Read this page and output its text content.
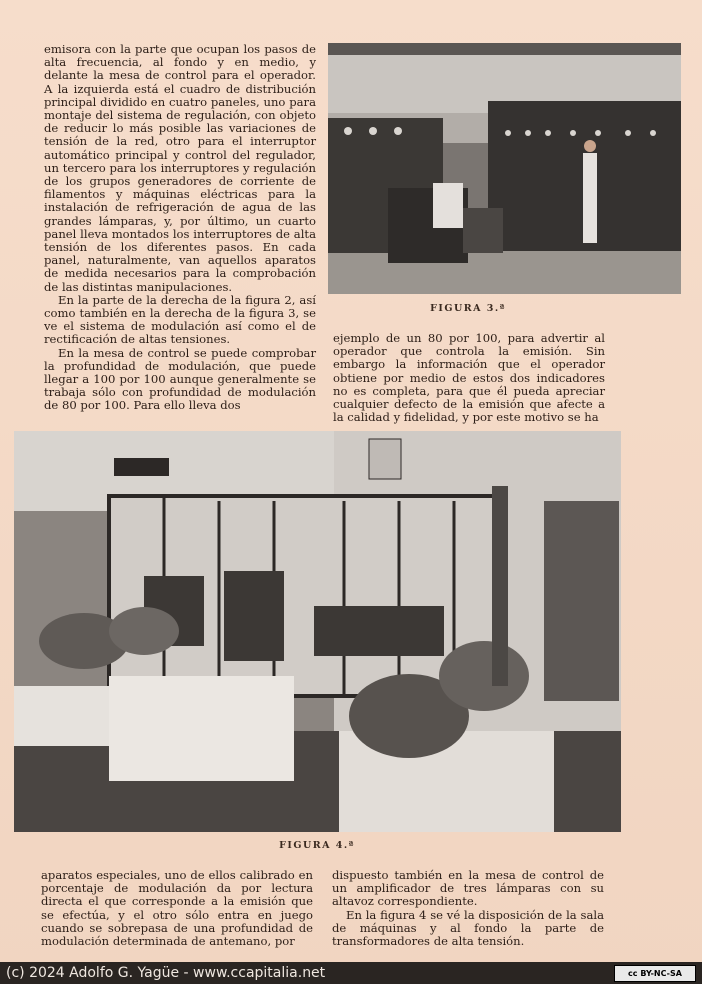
emisora con la parte que ocupan los pasos de alta frecuencia, al fondo y en medio, y delante la mesa de control para el operador. A la izquierda está el cuadro de distribución principal dividido en cuatro paneles, uno para montaje del sistema de regulación, con objeto de reducir lo más posible las variaciones de tensión de la red, otro para el interruptor automático principal y control del regulador, un tercero para los interruptores y regulación de los grupos generadores de corriente de filamentos y máquinas eléctricas para la instalación de refrigeración de agua de las grandes lámparas, y, por último, un cuarto panel lleva montados los interruptores de alta tensión de los diferentes pasos. En cada panel, naturalmente, van aquellos aparatos de medida necesarios para la comprobación de las distintas manipulaciones.

En la parte de la derecha de la figura 2, así como también en la derecha de la figura 3, se ve el sistema de modulación así como el de rectificación de altas tensiones.

En la mesa de control se puede comprobar la profundidad de modulación, que puede llegar a 100 por 100 aunque generalmente se trabaja sólo con profundidad de modulación de 80 por 100. Para ello lleva dos

FIGURA 3.ª

ejemplo de un 80 por 100, para advertir al operador que controla la emisión. Sin embargo la información que el operador obtiene por medio de estos dos indicadores no es completa, para que él pueda apreciar cualquier defecto de la emisión que afecte a la calidad y fidelidad, y por este motivo se ha

FIGURA 4.ª

aparatos especiales, uno de ellos calibrado en porcentaje de modulación da por lectura directa el que corresponde a la emisión que se efectúa, y el otro sólo entra en juego cuando se sobrepasa de una profundidad de modulación determinada de antemano, por

dispuesto también en la mesa de control de un amplificador de tres lámparas con su altavoz correspondiente.

En la figura 4 se vé la disposición de la sala de máquinas y al fondo la parte de transformadores de alta tensión.

(c) 2024 Adolfo G. Yagüe - www.ccapitalia.net	cc BY-NC-SA
